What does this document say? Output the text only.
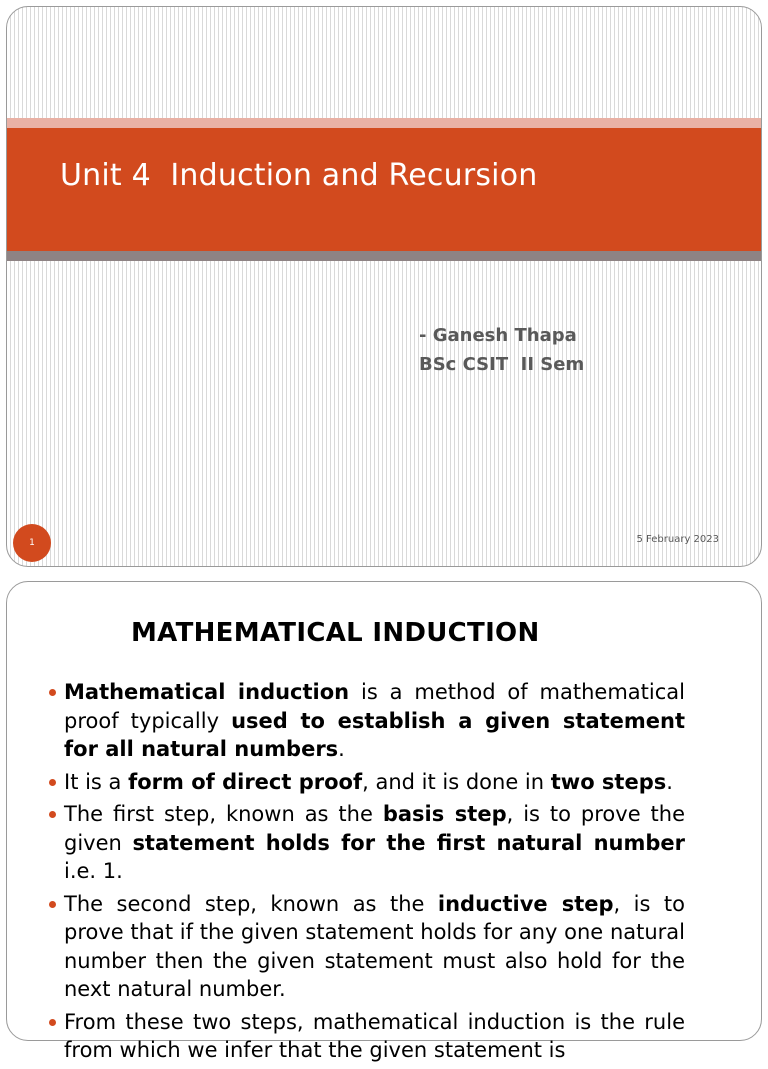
Unit 4  Induction and Recursion
- Ganesh Thapa
BSc CSIT  II Sem
1	5 February 2023
MATHEMATICAL INDUCTION
Mathematical induction is a method of mathematical proof typically used to establish a given statement for all natural numbers.
It is a form of direct proof, and it is done in two steps.
The first step, known as the basis step, is to prove the given statement holds for the first natural number i.e. 1.
The second step, known as the inductive step, is to prove that if the given statement holds for any one natural number then the given statement must also hold for the next natural number.
From these two steps, mathematical induction is the rule from which we infer that the given statement is
